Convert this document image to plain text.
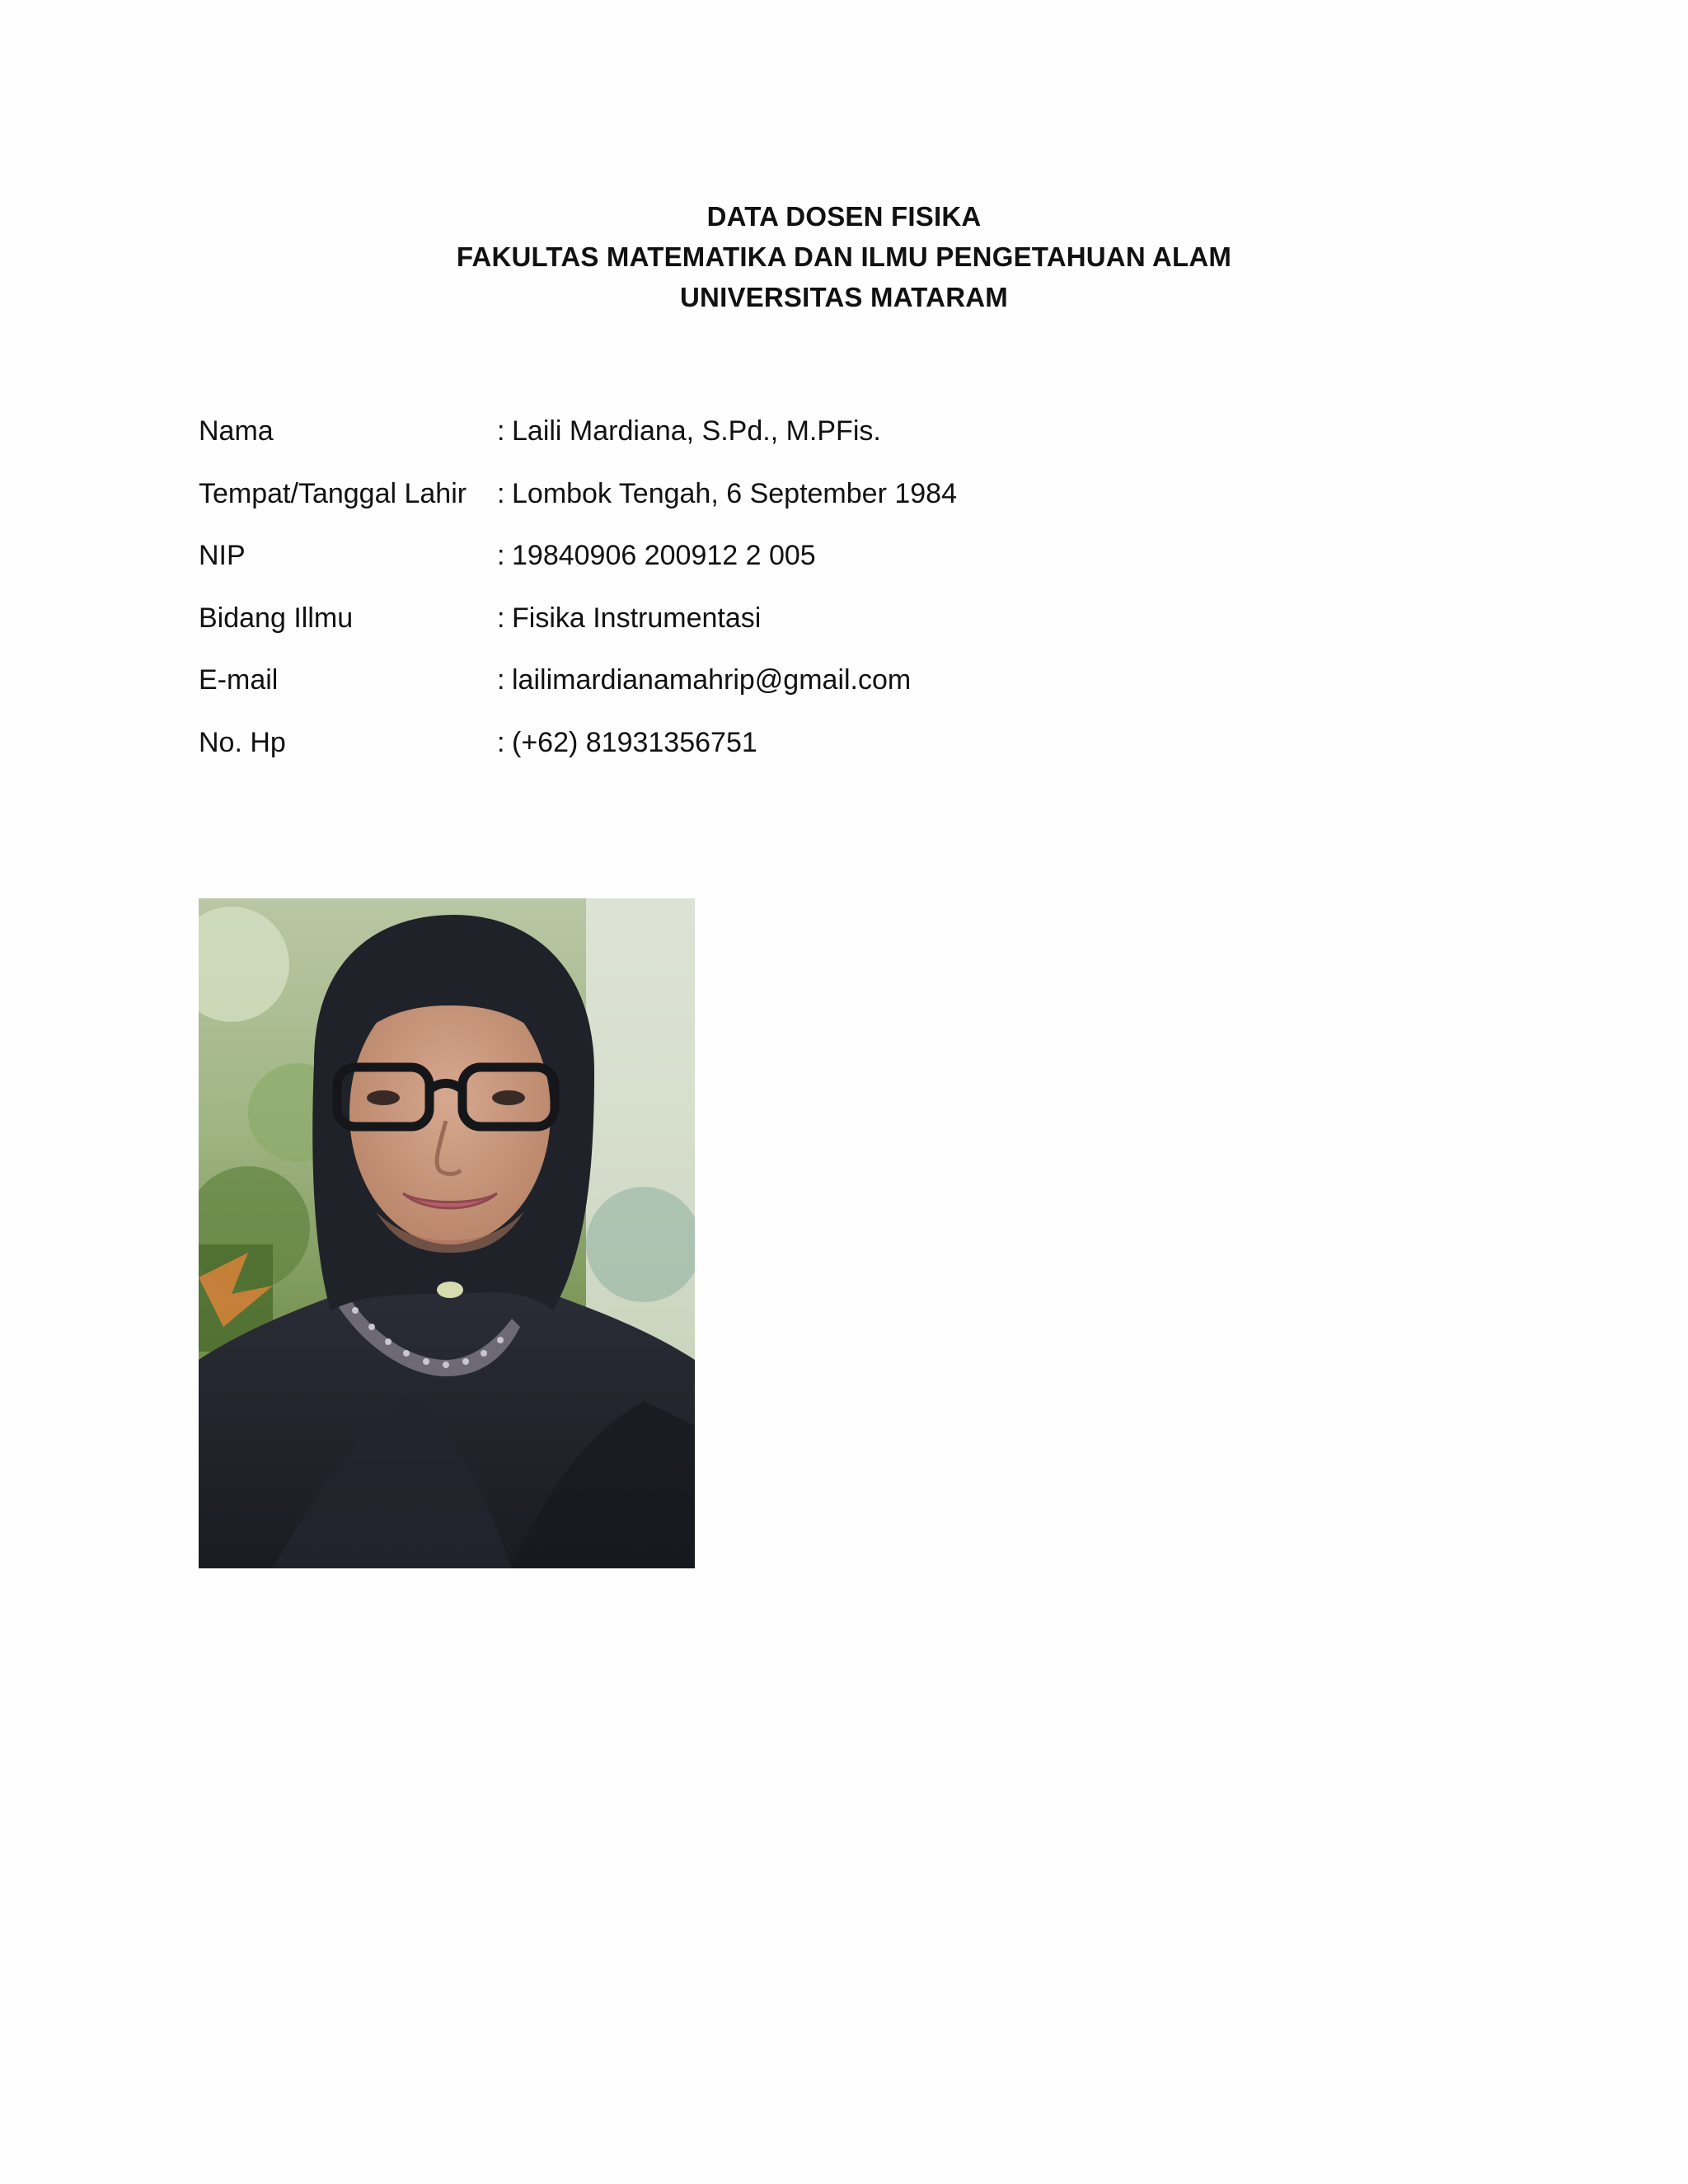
DATA DOSEN FISIKA
FAKULTAS MATEMATIKA DAN ILMU PENGETAHUAN ALAM
UNIVERSITAS MATARAM
Nama	:	Laili Mardiana, S.Pd., M.PFis.
Tempat/Tanggal Lahir	:	Lombok Tengah, 6 September 1984
NIP	:	19840906 200912 2 005
Bidang Illmu	:	Fisika Instrumentasi
E-mail	:	lailimardianamahrip@gmail.com
No. Hp	:	(+62) 81931356751
